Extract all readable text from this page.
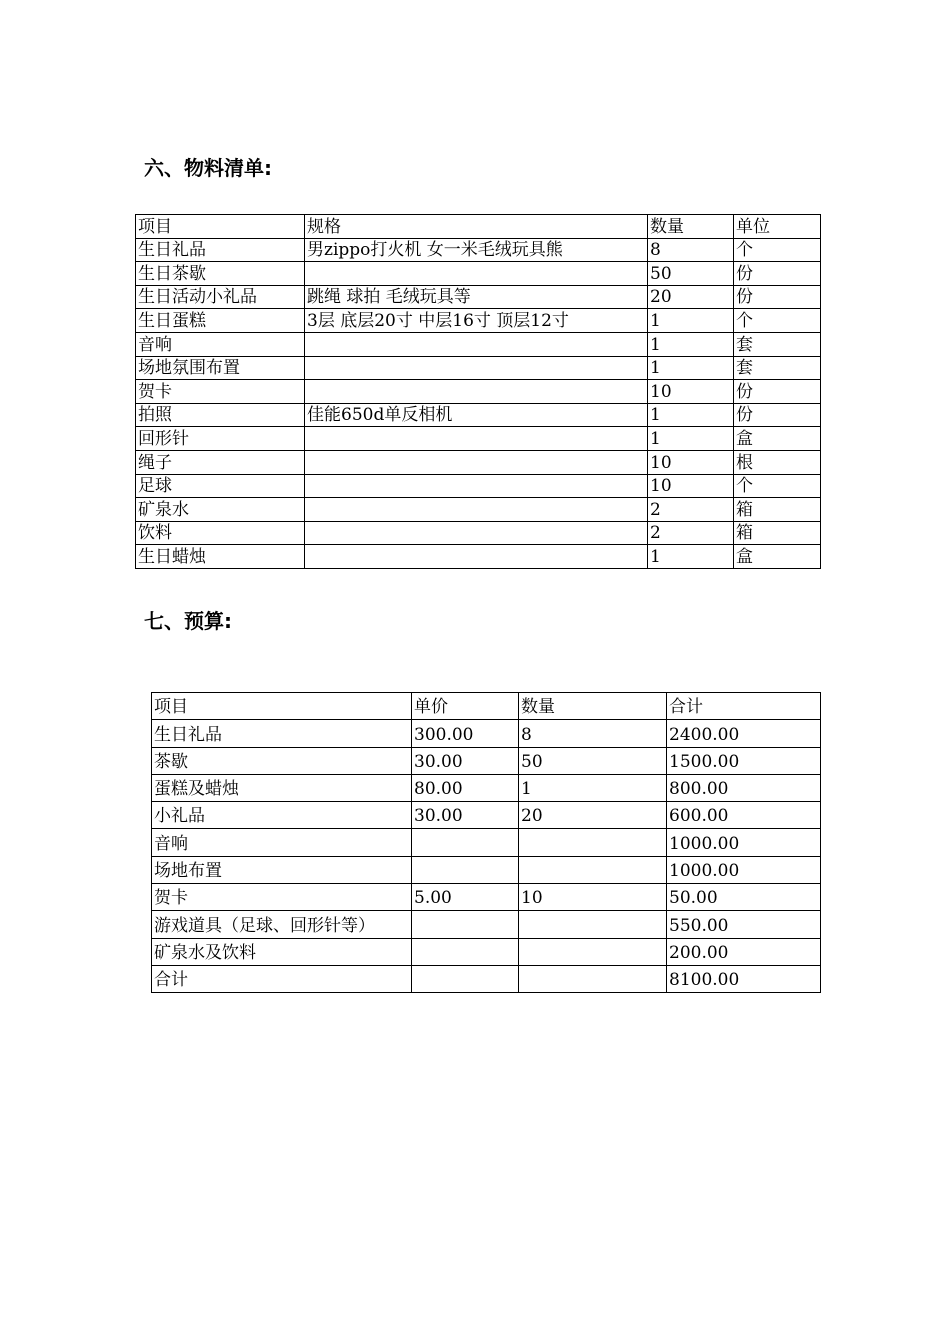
六、物料清单:
项目	规格	数量	单位
生日礼品	男zippo打火机 女一米毛绒玩具熊	8	个
生日茶歇		50	份
生日活动小礼品	跳绳 球拍 毛绒玩具等	20	份
生日蛋糕	3层 底层20寸 中层16寸 顶层12寸	1	个
音响		1	套
场地氛围布置		1	套
贺卡		10	份
拍照	佳能650d单反相机	1	份
回形针		1	盒
绳子		10	根
足球		10	个
矿泉水		2	箱
饮料		2	箱
生日蜡烛		1	盒
七、预算:
项目	单价	数量	合计
生日礼品	300.00	8	2400.00
茶歇	30.00	50	1500.00
蛋糕及蜡烛	80.00	1	800.00
小礼品	30.00	20	600.00
音响			1000.00
场地布置			1000.00
贺卡	5.00	10	50.00
游戏道具（足球、回形针等）			550.00
矿泉水及饮料			200.00
合计			8100.00
